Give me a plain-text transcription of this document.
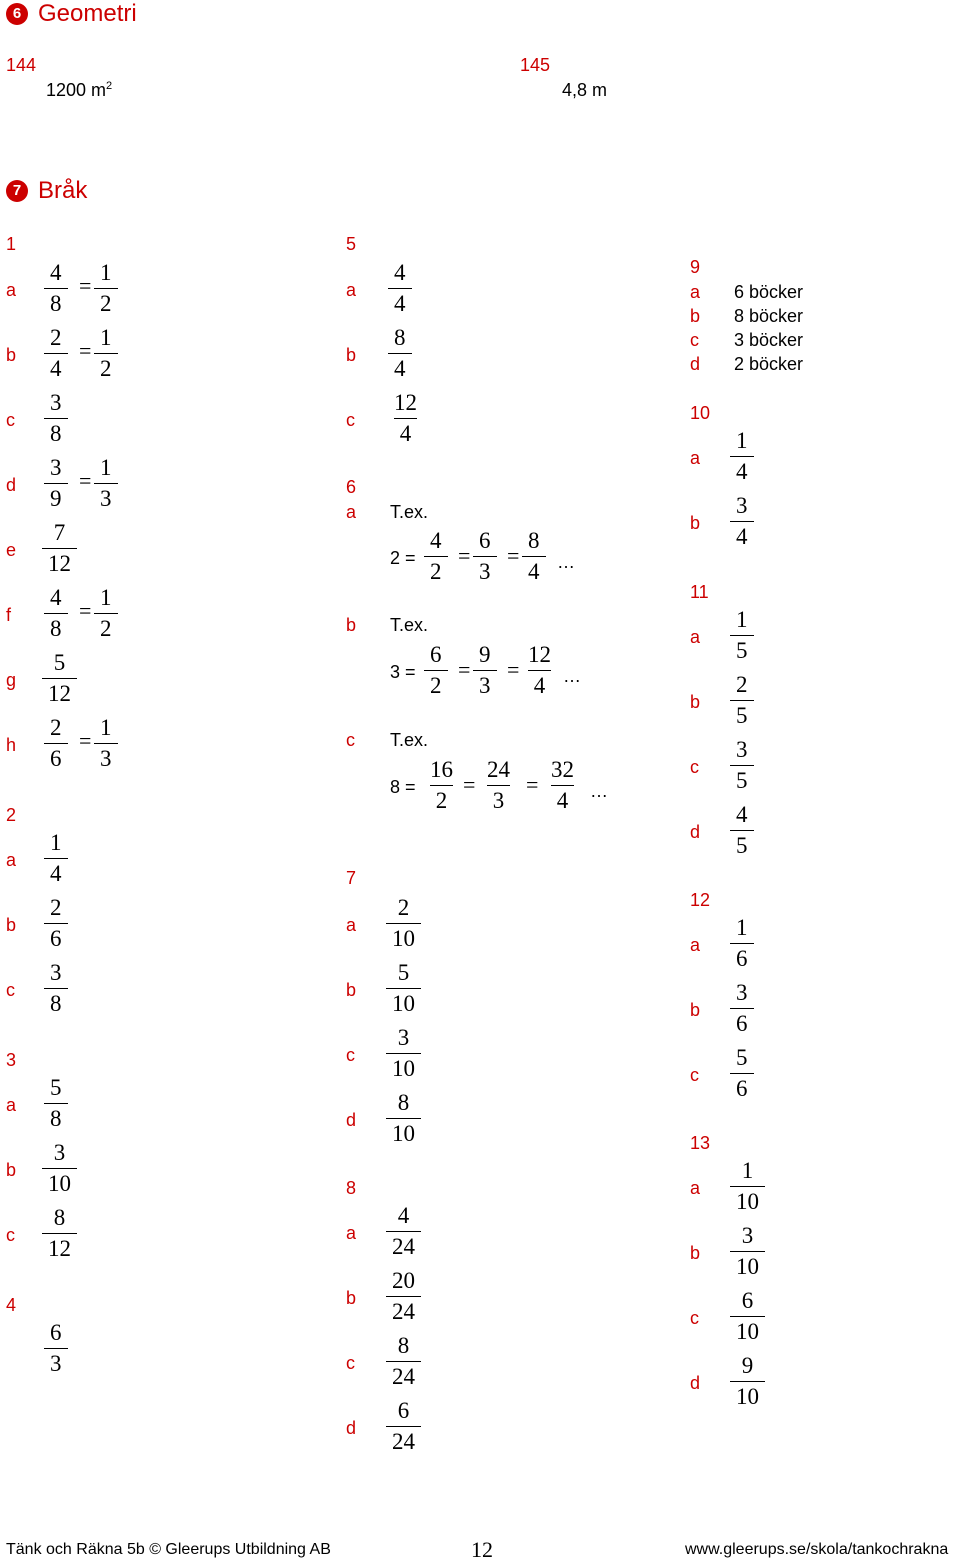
6 Geometri
144
1200 $m^2$
145
4,8 m
7 Bråk
1
a $\frac{4}{8} = \frac{1}{2}$
b $\frac{2}{4} = \frac{1}{2}$
c $\frac{3}{8}$
d $\frac{3}{9} = \frac{1}{3}$
e $\frac{7}{12}$
f $\frac{4}{8} = \frac{1}{2}$
g $\frac{5}{12}$
h $\frac{2}{6} = \frac{1}{3}$
2
a $\frac{1}{4}$
b $\frac{2}{6}$
c $\frac{3}{8}$
3
a $\frac{5}{8}$
b $\frac{3}{10}$
c $\frac{8}{12}$
4
$\frac{6}{3}$
5
a $\frac{4}{4}$
b $\frac{8}{4}$
c $\frac{12}{4}$
6
a T.ex.
$2 = \frac{4}{2} = \frac{6}{3} = \frac{8}{4}$ …
b T.ex.
$3 = \frac{6}{2} = \frac{9}{3} = \frac{12}{4}$ …
c T.ex.
$8 = \frac{16}{2} = \frac{24}{3} = \frac{32}{4}$ …
7
a $\frac{2}{10}$
b $\frac{5}{10}$
c $\frac{3}{10}$
d $\frac{8}{10}$
8
a $\frac{4}{24}$
b $\frac{20}{24}$
c $\frac{8}{24}$
d $\frac{6}{24}$
9
a 6 böcker
b 8 böcker
c 3 böcker
d 2 böcker
10
a $\frac{1}{4}$
b $\frac{3}{4}$
11
a $\frac{1}{5}$
b $\frac{2}{5}$
c $\frac{3}{5}$
d $\frac{4}{5}$
12
a $\frac{1}{6}$
b $\frac{3}{6}$
c $\frac{5}{6}$
13
a $\frac{1}{10}$
b $\frac{3}{10}$
c $\frac{6}{10}$
d $\frac{9}{10}$
Tänk och Räkna 5b © Gleerups Utbildning AB	12	www.gleerups.se/skola/tankochrakna
